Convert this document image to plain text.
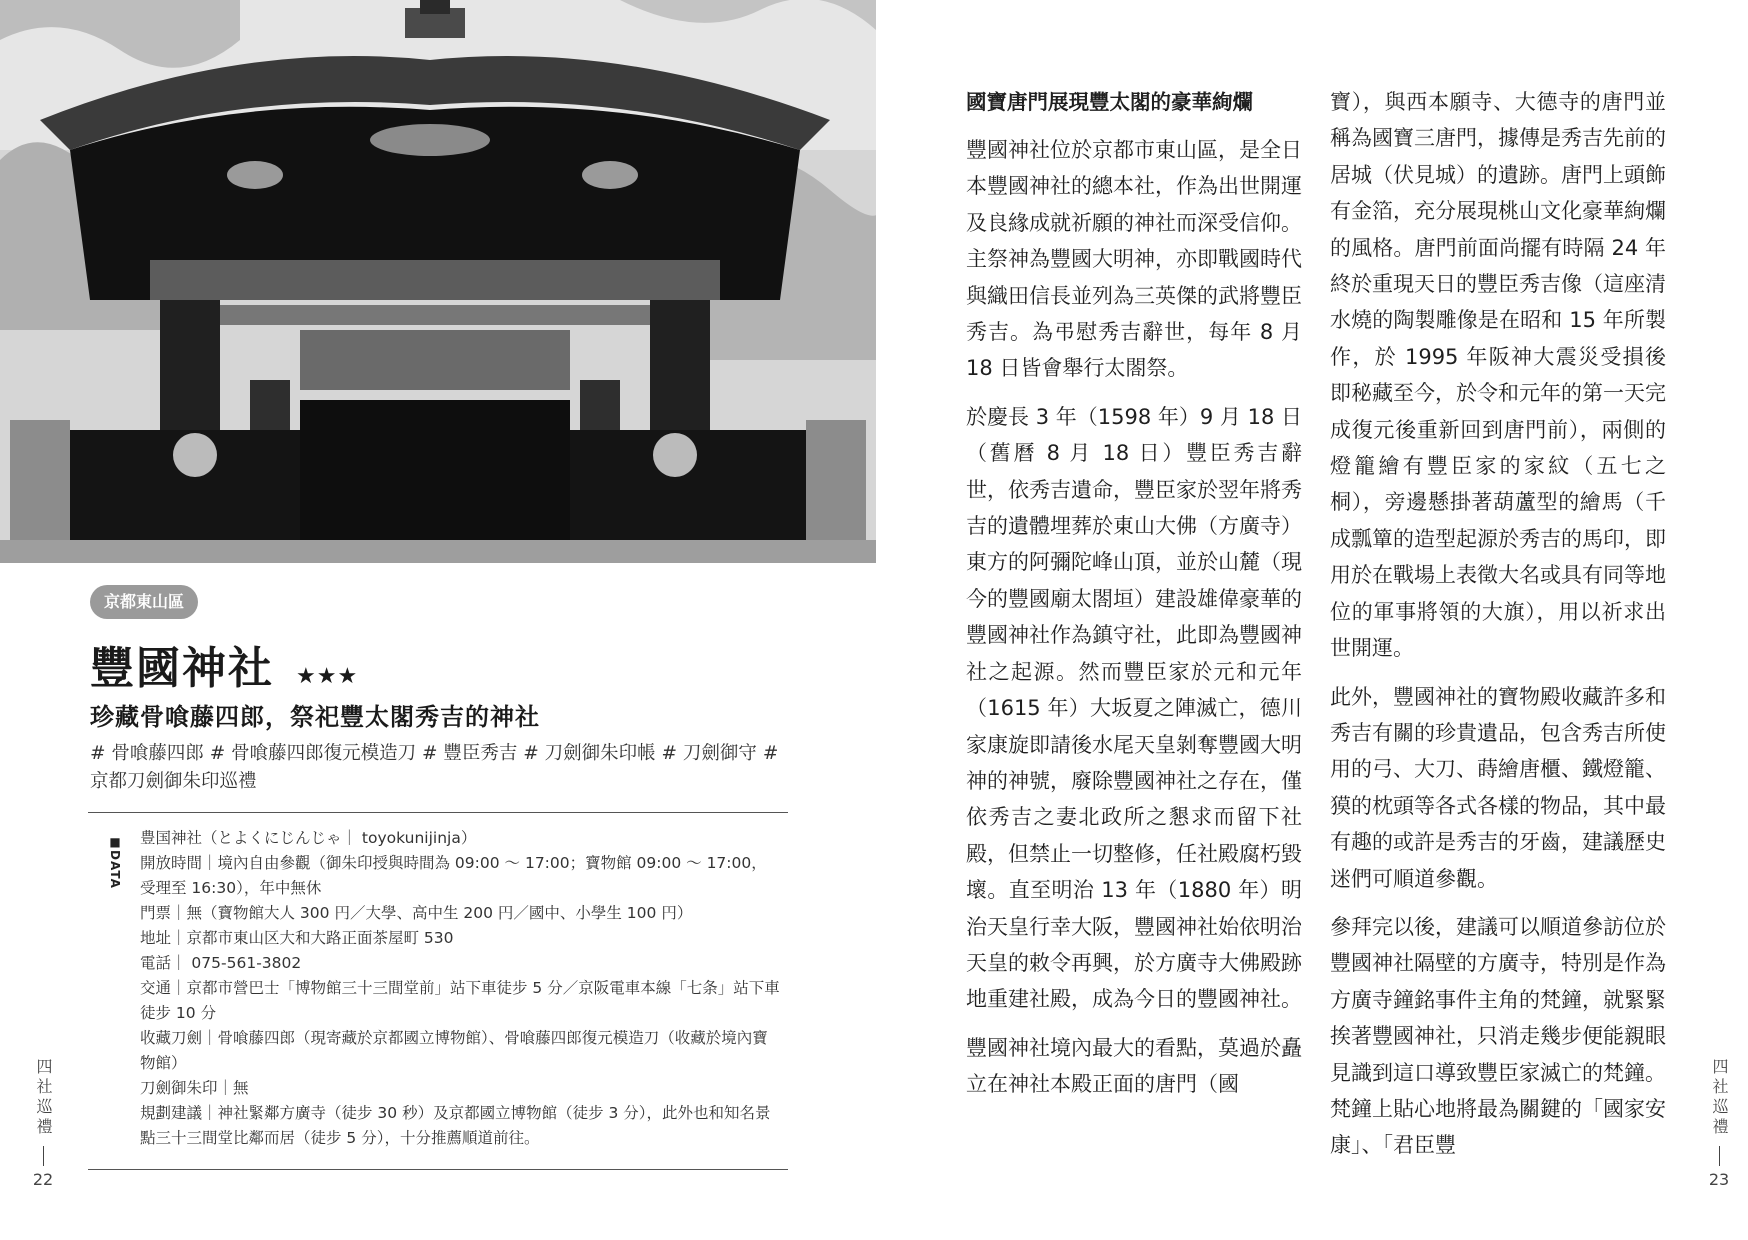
京都東山區
豐國神社 ★★★
珍藏骨喰藤四郎，祭祀豐太閣秀吉的神社
# 骨喰藤四郎 # 骨喰藤四郎復元模造刀 # 豐臣秀吉 # 刀劍御朱印帳 # 刀劍御守 # 京都刀劍御朱印巡禮
■DATA 豊国神社（とよくにじんじゃ｜ toyokunijinja）
開放時間｜境內自由參觀（御朱印授與時間為 09:00 ～ 17:00；寶物館 09:00 ～ 17:00，受理至 16:30），年中無休
門票｜無（寶物館大人 300 円／大學、高中生 200 円／國中、小學生 100 円）
地址｜京都市東山区大和大路正面茶屋町 530
電話｜ 075-561-3802
交通｜京都市營巴士「博物館三十三間堂前」站下車徒步 5 分／京阪電車本線「七条」站下車徒步 10 分
收藏刀劍｜骨喰藤四郎（現寄藏於京都國立博物館）、骨喰藤四郎復元模造刀（收藏於境內寶物館）
刀劍御朱印｜無
規劃建議｜神社緊鄰方廣寺（徒步 30 秒）及京都國立博物館（徒步 3 分），此外也和知名景點三十三間堂比鄰而居（徒步 5 分），十分推薦順道前往。
四社巡禮
22
國寶唐門展現豐太閣的豪華絢爛

豐國神社位於京都市東山區，是全日本豐國神社的總本社，作為出世開運及良緣成就祈願的神社而深受信仰。主祭神為豐國大明神，亦即戰國時代與織田信長並列為三英傑的武將豐臣秀吉。為弔慰秀吉辭世，每年 8 月 18 日皆會舉行太閤祭。

於慶長 3 年（1598 年）9 月 18 日（舊曆 8 月 18 日）豐臣秀吉辭世，依秀吉遺命，豐臣家於翌年將秀吉的遺體埋葬於東山大佛（方廣寺）東方的阿彌陀峰山頂，並於山麓（現今的豐國廟太閤垣）建設雄偉豪華的豐國神社作為鎮守社，此即為豐國神社之起源。然而豐臣家於元和元年（1615 年）大坂夏之陣滅亡，德川家康旋即請後水尾天皇剝奪豐國大明神的神號，廢除豐國神社之存在，僅依秀吉之妻北政所之懇求而留下社殿，但禁止一切整修，任社殿腐朽毀壞。直至明治 13 年（1880 年）明治天皇行幸大阪，豐國神社始依明治天皇的敕令再興，於方廣寺大佛殿跡地重建社殿，成為今日的豐國神社。

豐國神社境內最大的看點，莫過於矗立在神社本殿正面的唐門（國

寶），與西本願寺、大德寺的唐門並稱為國寶三唐門，據傳是秀吉先前的居城（伏見城）的遺跡。唐門上頭飾有金箔，充分展現桃山文化豪華絢爛的風格。唐門前面尚擺有時隔 24 年終於重現天日的豐臣秀吉像（這座清水燒的陶製雕像是在昭和 15 年所製作，於 1995 年阪神大震災受損後即秘藏至今，於令和元年的第一天完成復元後重新回到唐門前），兩側的燈籠繪有豐臣家的家紋（五七之桐），旁邊懸掛著葫蘆型的繪馬（千成瓢簞的造型起源於秀吉的馬印，即用於在戰場上表徵大名或具有同等地位的軍事將領的大旗），用以祈求出世開運。

此外，豐國神社的寶物殿收藏許多和秀吉有關的珍貴遺品，包含秀吉所使用的弓、大刀、蒔繪唐櫃、鐵燈籠、獏的枕頭等各式各樣的物品，其中最有趣的或許是秀吉的牙齒，建議歷史迷們可順道參觀。

參拜完以後，建議可以順道參訪位於豐國神社隔壁的方廣寺，特別是作為方廣寺鐘銘事件主角的梵鐘，就緊緊挨著豐國神社，只消走幾步便能親眼見識到這口導致豐臣家滅亡的梵鐘。梵鐘上貼心地將最為關鍵的「國家安康」、「君臣豐

四社巡禮
23
